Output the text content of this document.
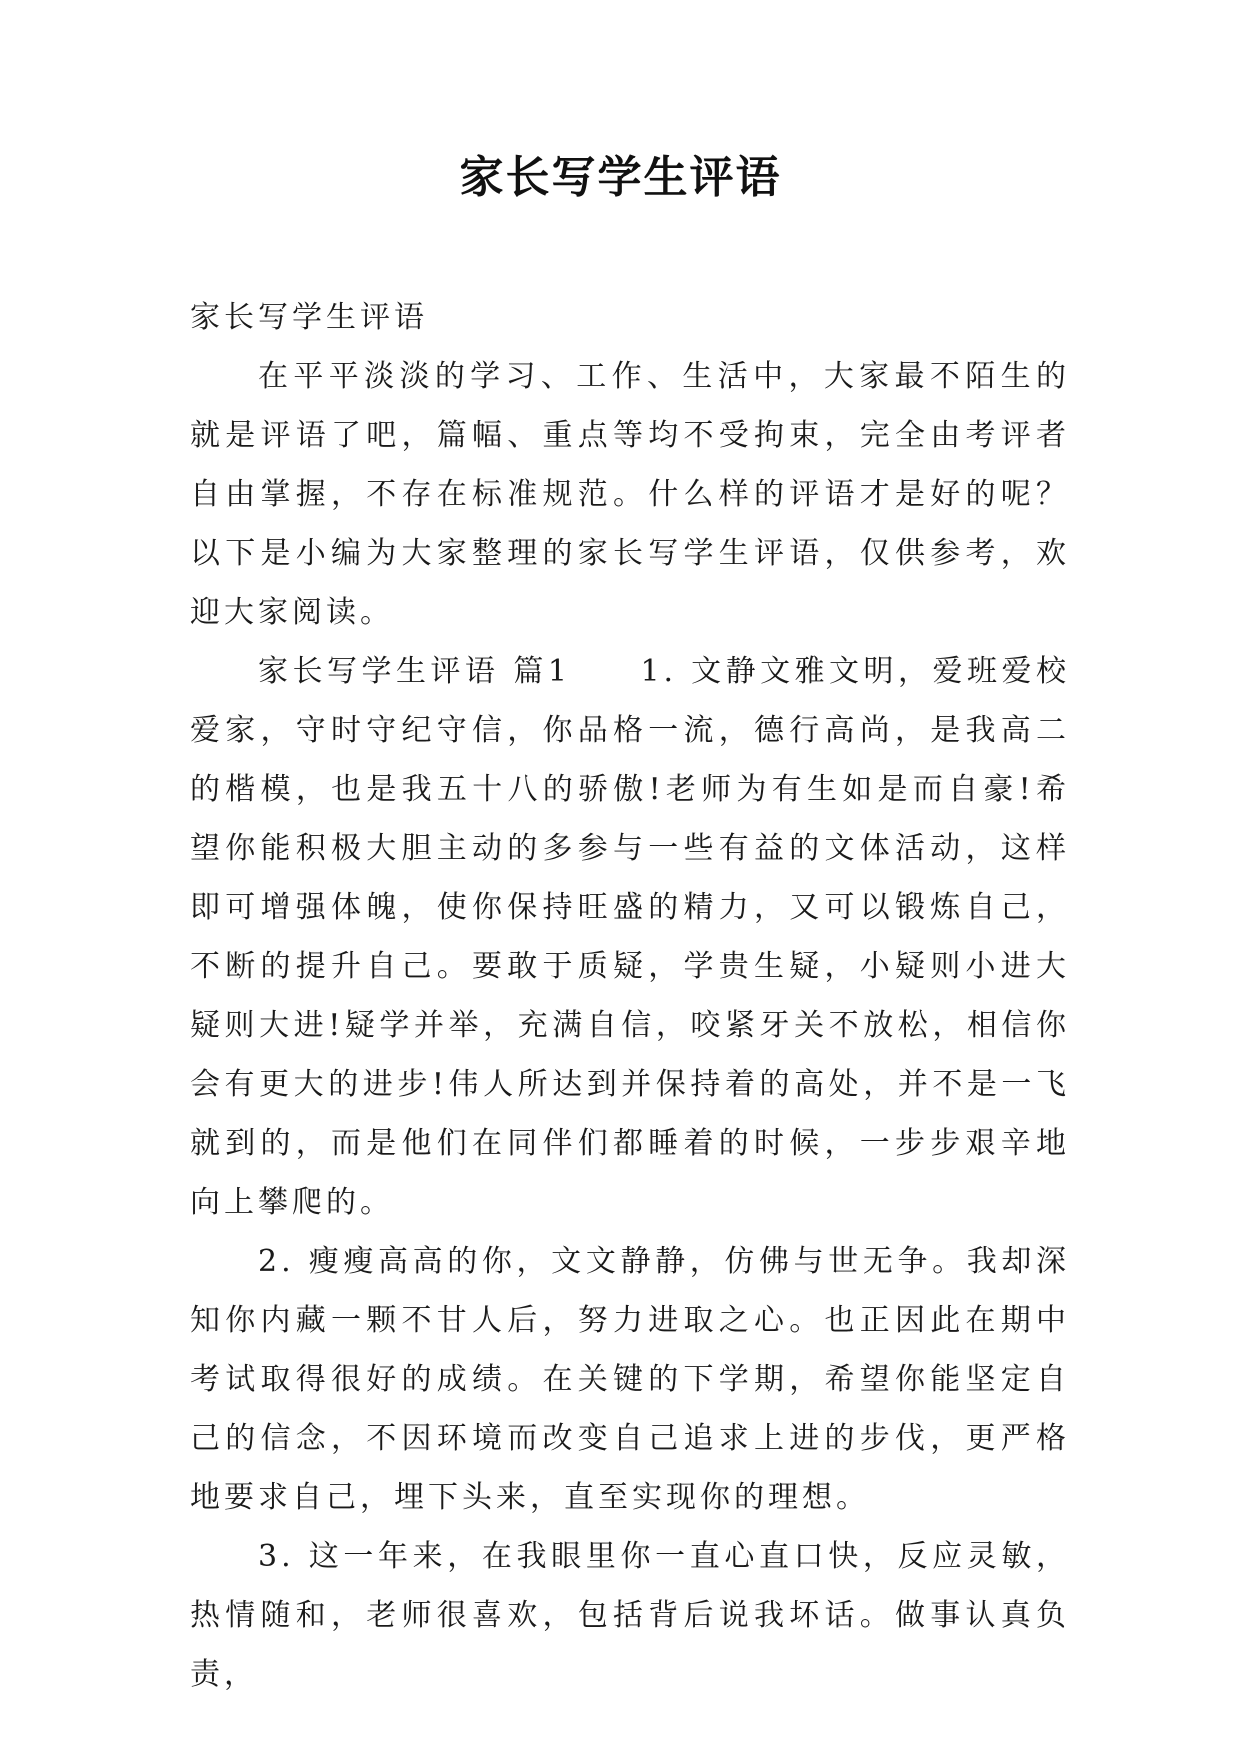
家长写学生评语

家长写学生评语

在平平淡淡的学习、工作、生活中，大家最不陌生的就是评语了吧，篇幅、重点等均不受拘束，完全由考评者自由掌握，不存在标准规范。什么样的评语才是好的呢？以下是小编为大家整理的家长写学生评语，仅供参考，欢迎大家阅读。

家长写学生评语 篇1　　1. 文静文雅文明，爱班爱校爱家，守时守纪守信，你品格一流，德行高尚，是我高二的楷模，也是我五十八的骄傲!老师为有生如是而自豪!希望你能积极大胆主动的多参与一些有益的文体活动，这样即可增强体魄，使你保持旺盛的精力，又可以锻炼自己，不断的提升自己。要敢于质疑，学贵生疑，小疑则小进大疑则大进!疑学并举，充满自信，咬紧牙关不放松，相信你会有更大的进步!伟人所达到并保持着的高处，并不是一飞就到的，而是他们在同伴们都睡着的时候，一步步艰辛地向上攀爬的。

2. 瘦瘦高高的你，文文静静，仿佛与世无争。我却深知你内藏一颗不甘人后，努力进取之心。也正因此在期中考试取得很好的成绩。在关键的下学期，希望你能坚定自己的信念，不因环境而改变自己追求上进的步伐，更严格地要求自己，埋下头来，直至实现你的理想。

3. 这一年来，在我眼里你一直心直口快，反应灵敏，热情随和，老师很喜欢，包括背后说我坏话。做事认真负责，
